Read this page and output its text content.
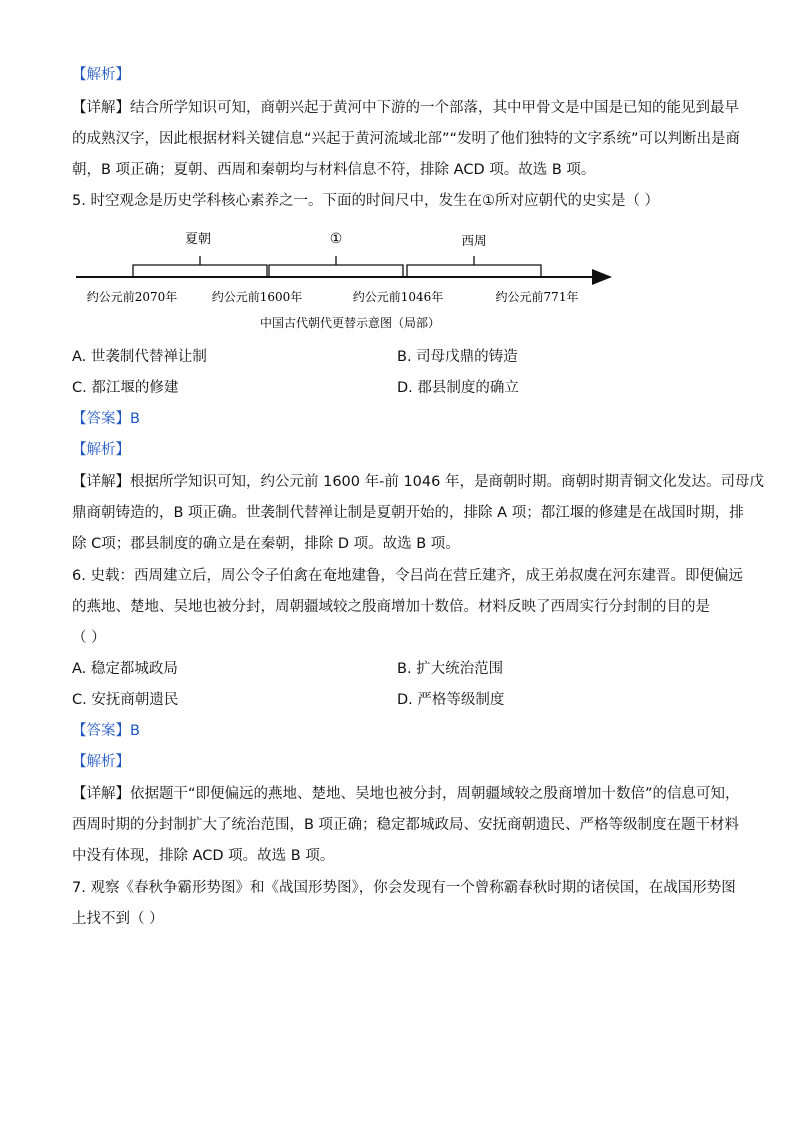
【解析】
【详解】结合所学知识可知，商朝兴起于黄河中下游的一个部落，其中甲骨文是中国是已知的能见到最早
的成熟汉字，因此根据材料关键信息“兴起于黄河流域北部”“发明了他们独特的文字系统”可以判断出是商
朝，B 项正确；夏朝、西周和秦朝均与材料信息不符，排除 ACD 项。故选 B 项。
5. 时空观念是历史学科核心素养之一。下面的时间尺中，发生在①所对应朝代的史实是（ ）
夏朝	①	西周
约公元前2070年	约公元前1600年	约公元前1046年	约公元前771年
中国古代朝代更替示意图（局部）
A. 世袭制代替禅让制	B. 司母戊鼎的铸造
C. 都江堰的修建	D. 郡县制度的确立
【答案】B
【解析】
【详解】根据所学知识可知，约公元前 1600 年-前 1046 年，是商朝时期。商朝时期青铜文化发达。司母戊
鼎商朝铸造的，B 项正确。世袭制代替禅让制是夏朝开始的，排除 A 项；都江堰的修建是在战国时期，排
除 C项；郡县制度的确立是在秦朝，排除 D 项。故选 B 项。
6. 史载：西周建立后，周公令子伯禽在奄地建鲁，令吕尚在营丘建齐，成王弟叔虞在河东建晋。即便偏远
的燕地、楚地、吴地也被分封，周朝疆域较之殷商增加十数倍。材料反映了西周实行分封制的目的是
（ ）
A. 稳定都城政局	B. 扩大统治范围
C. 安抚商朝遗民	D. 严格等级制度
【答案】B
【解析】
【详解】依据题干“即便偏远的燕地、楚地、吴地也被分封，周朝疆域较之殷商增加十数倍”的信息可知，
西周时期的分封制扩大了统治范围，B 项正确；稳定都城政局、安抚商朝遗民、严格等级制度在题干材料
中没有体现，排除 ACD 项。故选 B 项。
7. 观察《春秋争霸形势图》和《战国形势图》，你会发现有一个曾称霸春秋时期的诸侯国，在战国形势图
上找不到（ ）
